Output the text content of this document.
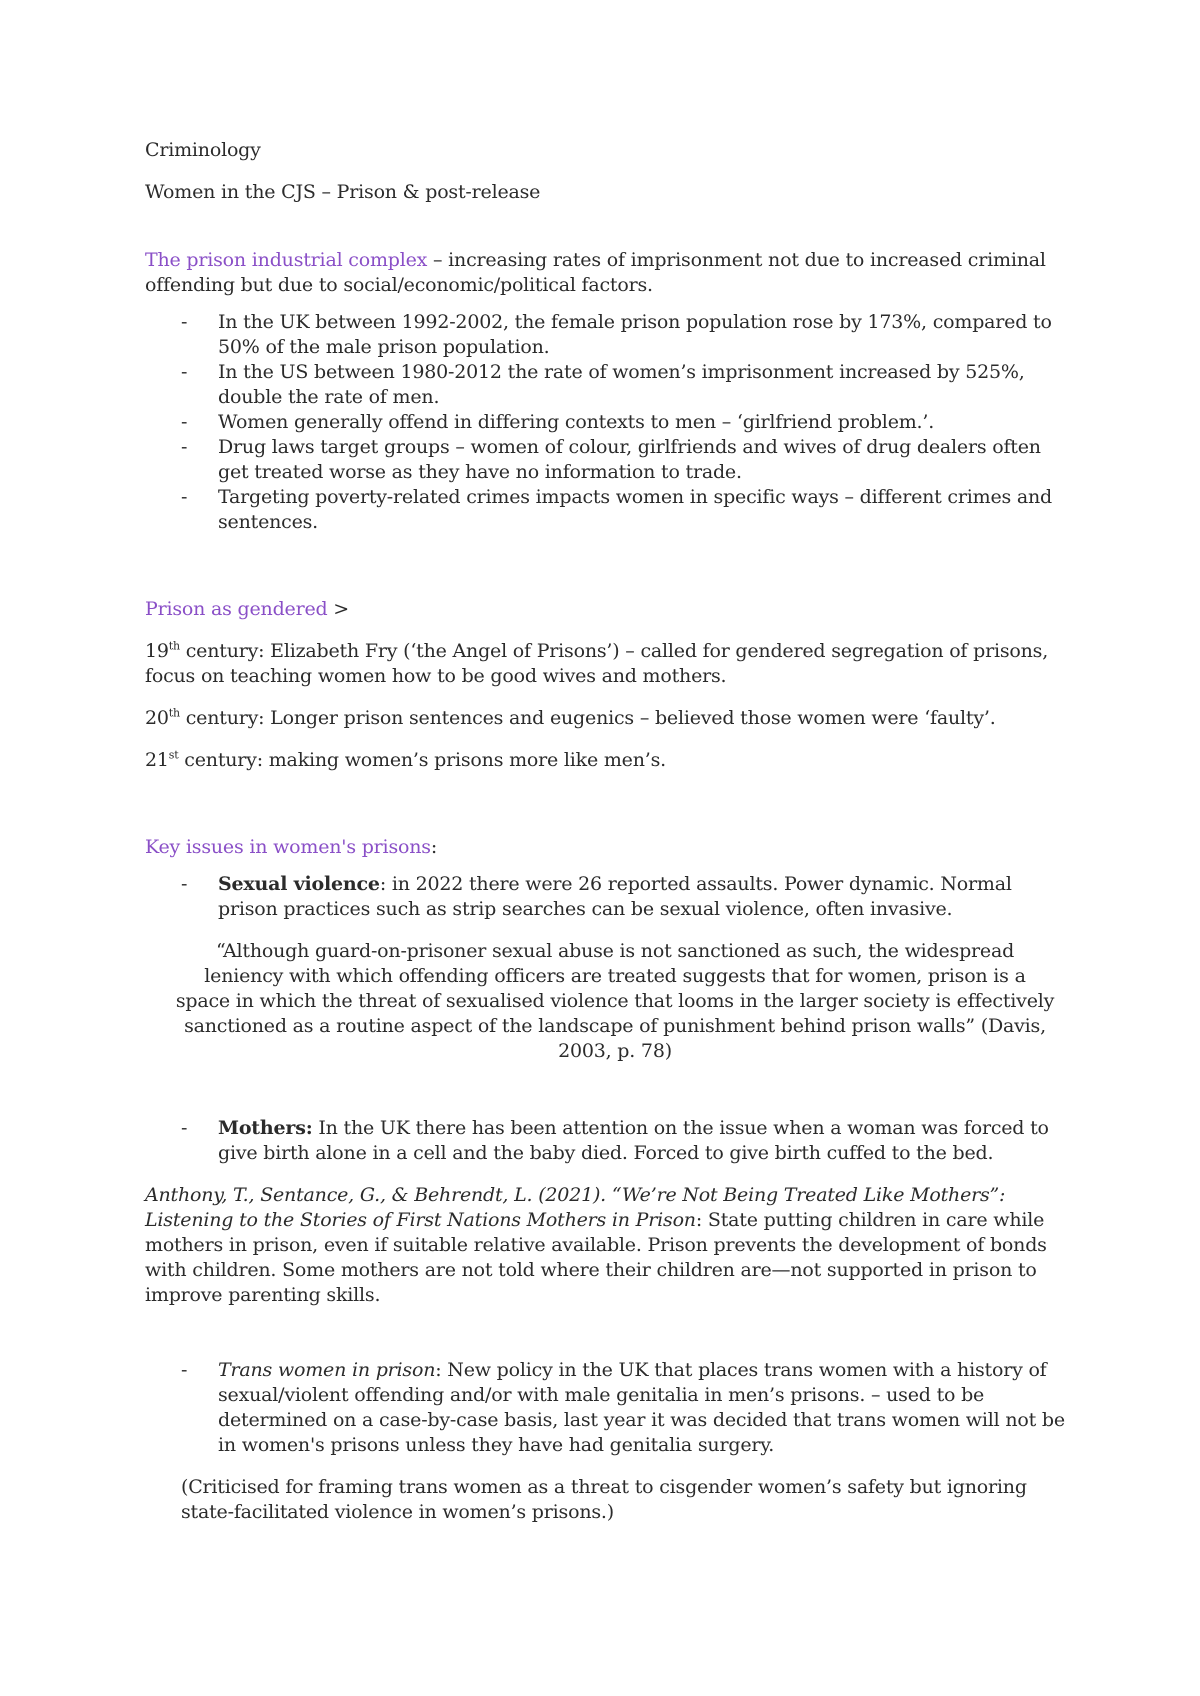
Criminology

Women in the CJS – Prison & post-release

The prison industrial complex – increasing rates of imprisonment not due to increased criminal offending but due to social/economic/political factors.

- In the UK between 1992-2002, the female prison population rose by 173%, compared to 50% of the male prison population.
- In the US between 1980-2012 the rate of women’s imprisonment increased by 525%, double the rate of men.
- Women generally offend in differing contexts to men – ‘girlfriend problem.’.
- Drug laws target groups – women of colour, girlfriends and wives of drug dealers often get treated worse as they have no information to trade.
- Targeting poverty-related crimes impacts women in specific ways – different crimes and sentences.

Prison as gendered >

19th century: Elizabeth Fry (‘the Angel of Prisons’) – called for gendered segregation of prisons, focus on teaching women how to be good wives and mothers.

20th century: Longer prison sentences and eugenics – believed those women were ‘faulty’.

21st century: making women’s prisons more like men’s.

Key issues in women's prisons:

- Sexual violence: in 2022 there were 26 reported assaults. Power dynamic. Normal prison practices such as strip searches can be sexual violence, often invasive.

“Although guard-on-prisoner sexual abuse is not sanctioned as such, the widespread leniency with which offending officers are treated suggests that for women, prison is a space in which the threat of sexualised violence that looms in the larger society is effectively sanctioned as a routine aspect of the landscape of punishment behind prison walls” (Davis, 2003, p. 78)

- Mothers: In the UK there has been attention on the issue when a woman was forced to give birth alone in a cell and the baby died. Forced to give birth cuffed to the bed.

Anthony, T., Sentance, G., & Behrendt, L. (2021). “We’re Not Being Treated Like Mothers”: Listening to the Stories of First Nations Mothers in Prison: State putting children in care while mothers in prison, even if suitable relative available. Prison prevents the development of bonds with children. Some mothers are not told where their children are—not supported in prison to improve parenting skills.

- Trans women in prison: New policy in the UK that places trans women with a history of sexual/violent offending and/or with male genitalia in men’s prisons. – used to be determined on a case-by-case basis, last year it was decided that trans women will not be in women's prisons unless they have had genitalia surgery.

(Criticised for framing trans women as a threat to cisgender women’s safety but ignoring state-facilitated violence in women’s prisons.)
